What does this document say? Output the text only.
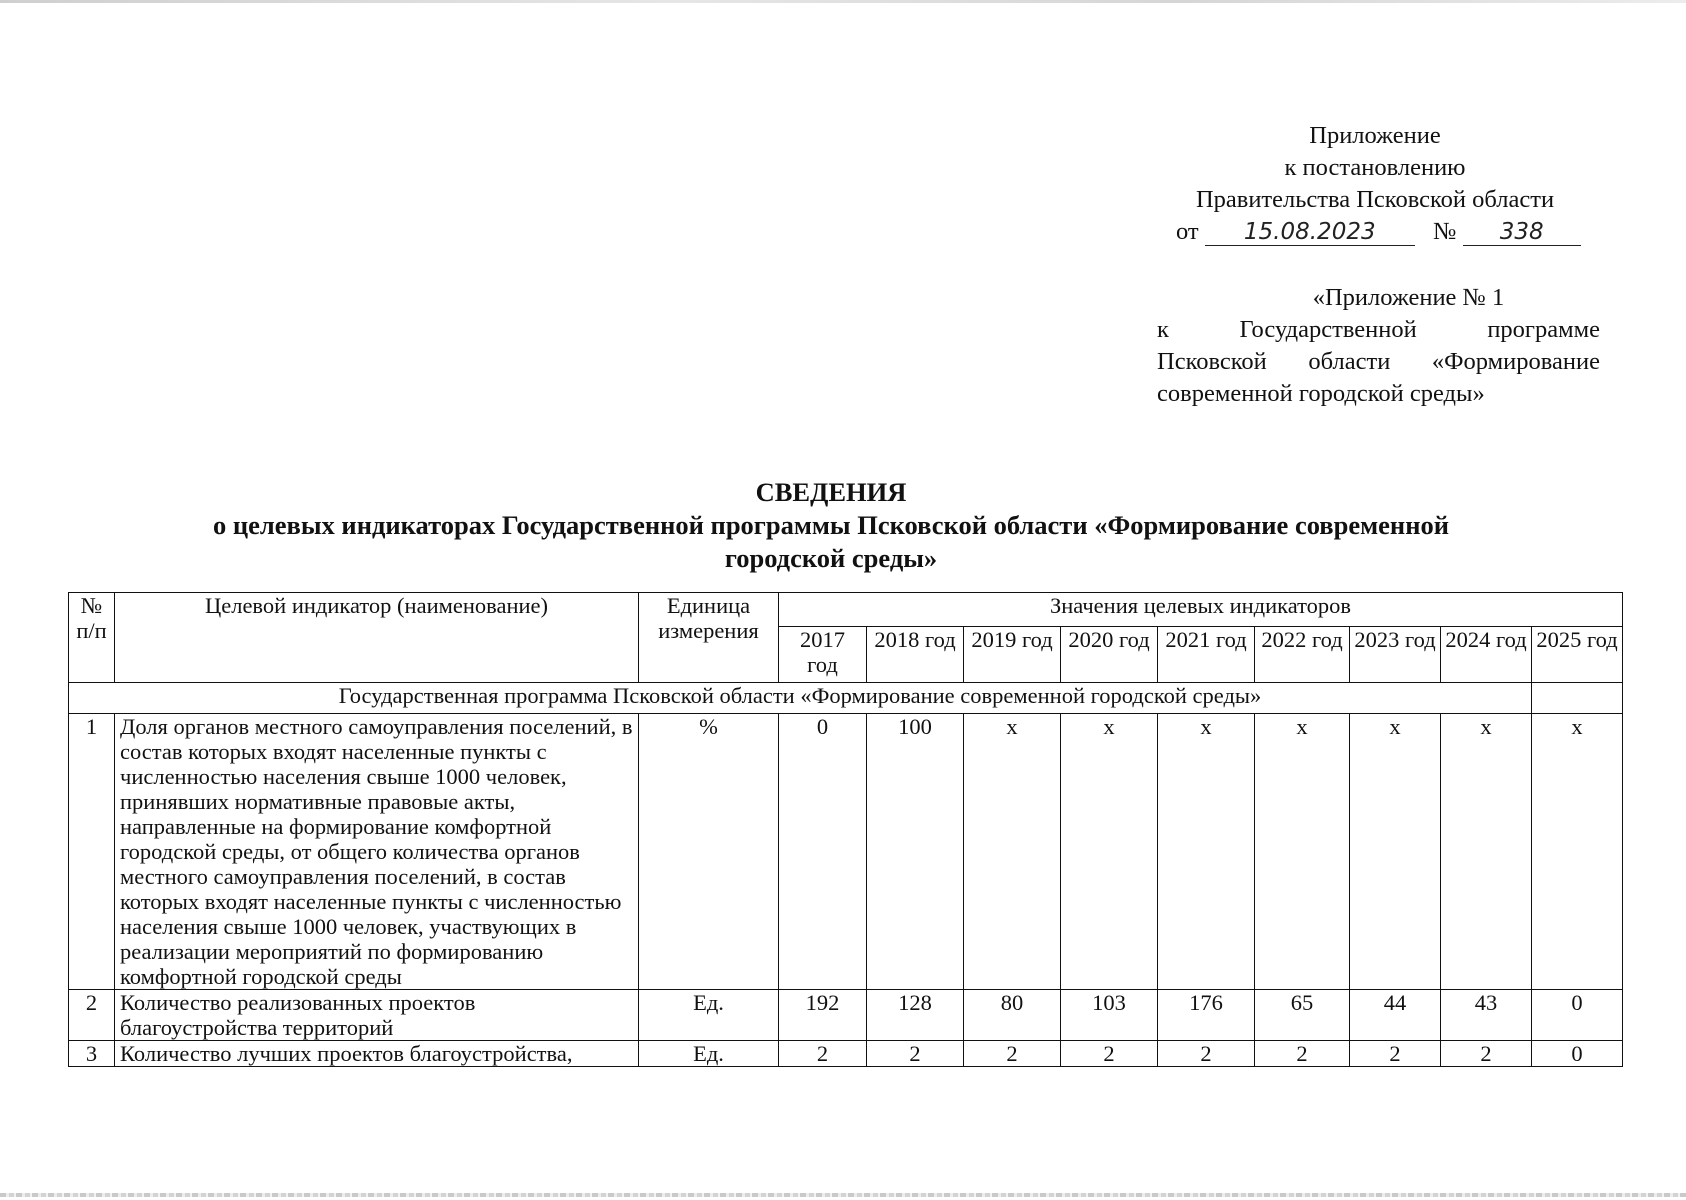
Приложение
к постановлению
Правительства Псковской области
от 15.08.2023 № 338
«Приложение № 1
к Государственной программе
Псковской области «Формирование
современной городской среды»
СВЕДЕНИЯ
о целевых индикаторах Государственной программы Псковской области «Формирование современной
городской среды»
№ п/п	Целевой индикатор (наименование)	Единица измерения	Значения целевых индикаторов								
			2017 год	2018 год	2019 год	2020 год	2021 год	2022 год	2023 год	2024 год	2025 год
Государственная программа Псковской области «Формирование современной городской среды»											
1	Доля органов местного самоуправления поселений, в состав которых входят населенные пункты с численностью населения свыше 1000 человек, принявших нормативные правовые акты, направленные на формирование комфортной городской среды, от общего количества органов местного самоуправления поселений, в состав которых входят населенные пункты с численностью населения свыше 1000 человек, участвующих в реализации мероприятий по формированию комфортной городской среды	%	0	100	x	x	x	x	x	x	x
2	Количество реализованных проектов благоустройства территорий	Ед.	192	128	80	103	176	65	44	43	0
3	Количество лучших проектов благоустройства,	Ед.	2	2	2	2	2	2	2	2	0
